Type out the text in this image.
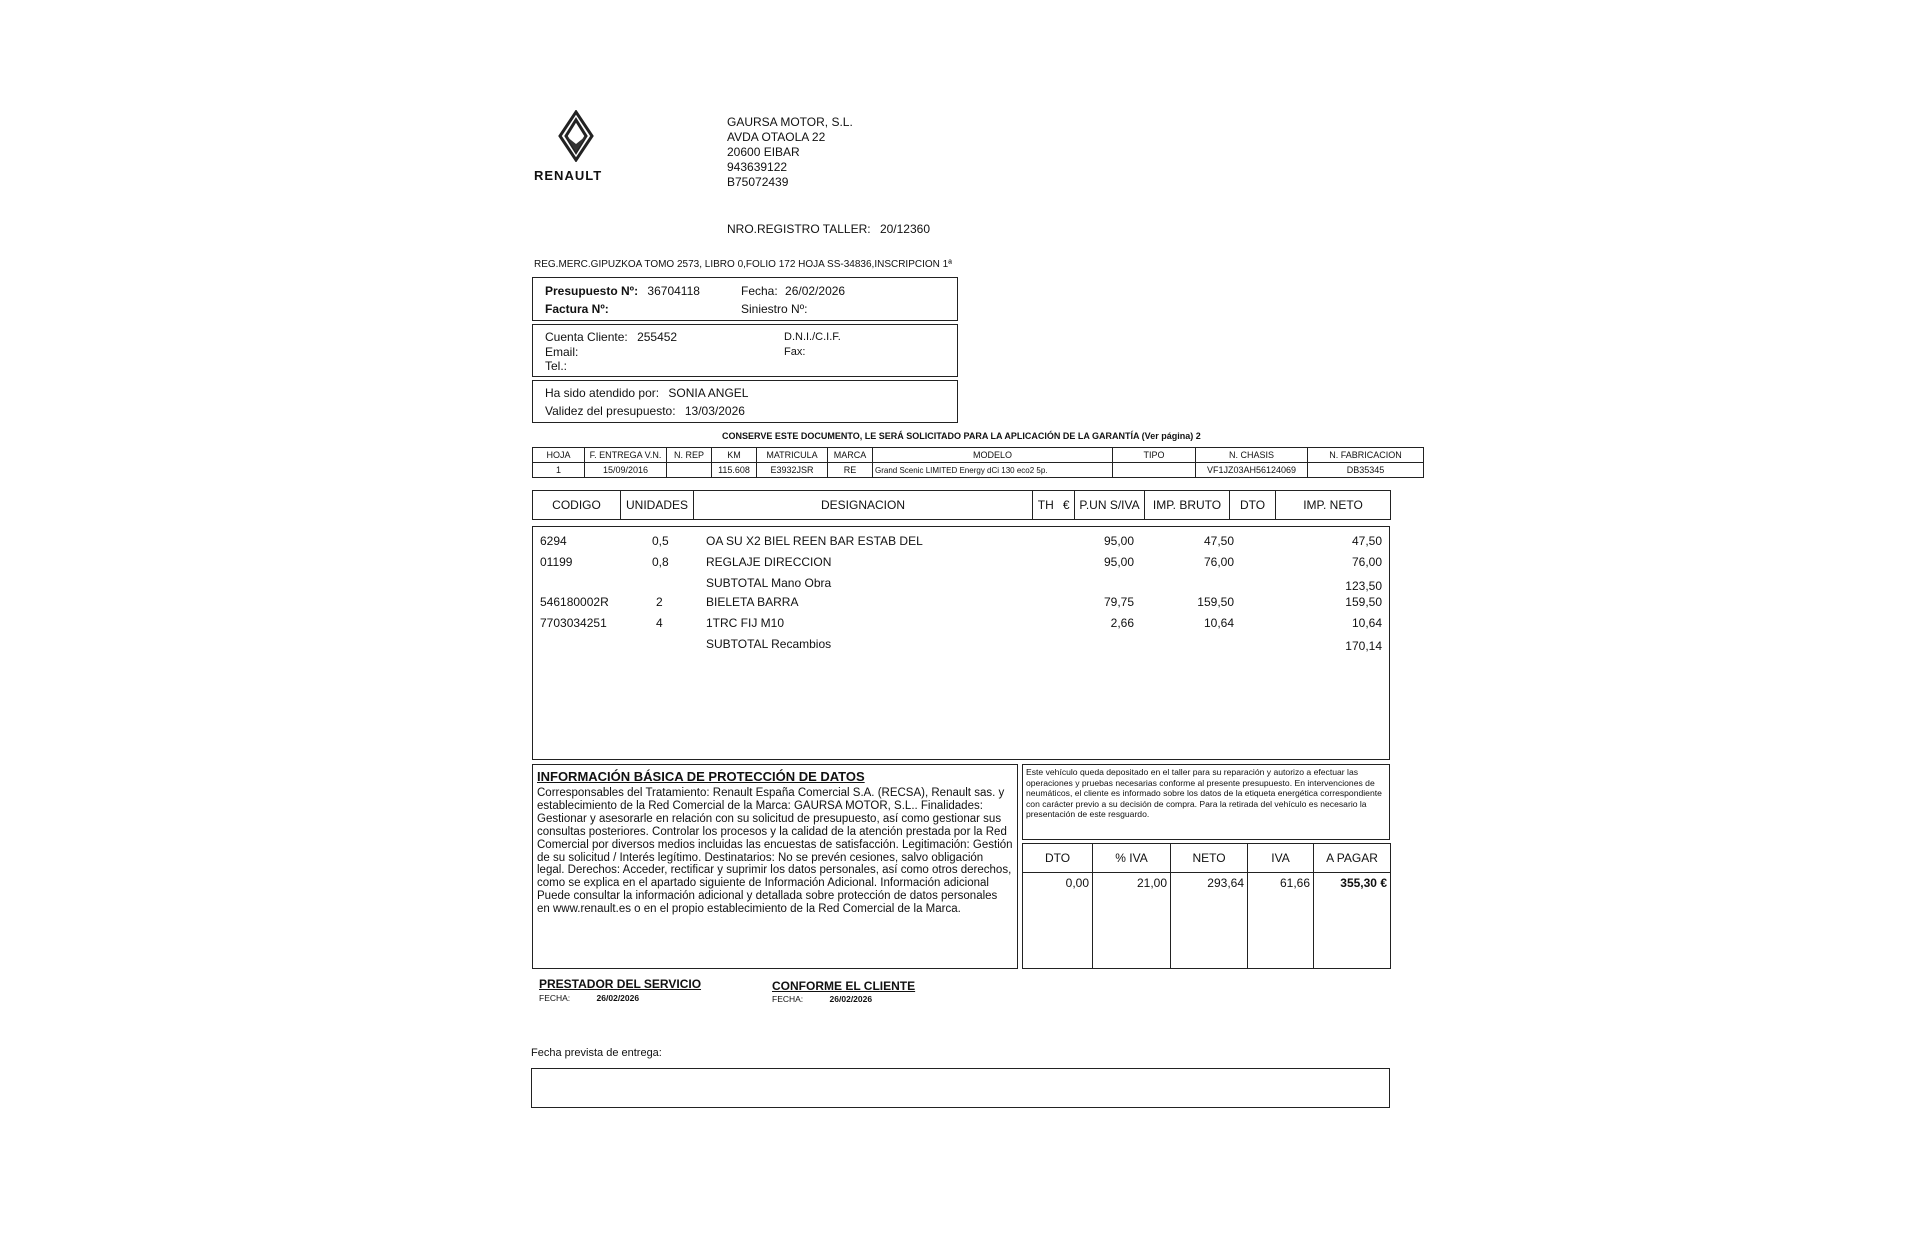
RENAULT
GAURSA MOTOR, S.L.
AVDA OTAOLA 22
20600 EIBAR
943639122
B75072439
NRO.REGISTRO TALLER: 20/12360
REG.MERC.GIPUZKOA TOMO 2573, LIBRO 0,FOLIO 172 HOJA SS-34836,INSCRIPCION 1ª
Presupuesto Nº: 36704118	Fecha: 26/02/2026
Factura Nº:	Siniestro Nº:
Cuenta Cliente: 255452	D.N.I./C.I.F.
Email:	Fax:
Tel.:
Ha sido atendido por: SONIA ANGEL
Validez del presupuesto: 13/03/2026
CONSERVE ESTE DOCUMENTO, LE SERÁ SOLICITADO PARA LA APLICACIÓN DE LA GARANTÍA (Ver página) 2
HOJA	F. ENTREGA V.N.	N. REP	KM	MATRICULA	MARCA	MODELO	TIPO	N. CHASIS	N. FABRICACION
1	15/09/2016		115.608	E3932JSR	RE	Grand Scenic LIMITED Energy dCi 130 eco2 5p.		VF1JZ03AH56124069	DB35345
CODIGO	UNIDADES	DESIGNACION	TH	€	P.UN S/IVA	IMP. BRUTO	DTO	IMP. NETO
6294	0,5	OA SU X2 BIEL REEN BAR ESTAB DEL	95,00	47,50	47,50
01199	0,8	REGLAJE DIRECCION	95,00	76,00	76,00
SUBTOTAL Mano Obra	123,50
546180002R	2	BIELETA BARRA	79,75	159,50	159,50
7703034251	4	1TRC FIJ M10	2,66	10,64	10,64
SUBTOTAL Recambios	170,14
INFORMACIÓN BÁSICA DE PROTECCIÓN DE DATOS
Corresponsables del Tratamiento: Renault España Comercial S.A. (RECSA), Renault sas. y establecimiento de la Red Comercial de la Marca: GAURSA MOTOR, S.L.. Finalidades: Gestionar y asesorarle en relación con su solicitud de presupuesto, así como gestionar sus consultas posteriores. Controlar los procesos y la calidad de la atención prestada por la Red Comercial por diversos medios incluidas las encuestas de satisfacción. Legitimación: Gestión de su solicitud / Interés legítimo. Destinatarios: No se prevén cesiones, salvo obligación legal. Derechos: Acceder, rectificar y suprimir los datos personales, así como otros derechos, como se explica en el apartado siguiente de Información Adicional. Información adicional Puede consultar la información adicional y detallada sobre protección de datos personales en www.renault.es o en el propio establecimiento de la Red Comercial de la Marca.
Este vehículo queda depositado en el taller para su reparación y autorizo a efectuar las operaciones y pruebas necesarias conforme al presente presupuesto. En intervenciones de neumáticos, el cliente es informado sobre los datos de la etiqueta energética correspondiente con carácter previo a su decisión de compra. Para la retirada del vehículo es necesario la presentación de este resguardo.
DTO	% IVA	NETO	IVA	A PAGAR
0,00	21,00	293,64	61,66	355,30 €
PRESTADOR DEL SERVICIO
FECHA:	26/02/2026
CONFORME EL CLIENTE
FECHA:	26/02/2026
Fecha prevista de entrega:
